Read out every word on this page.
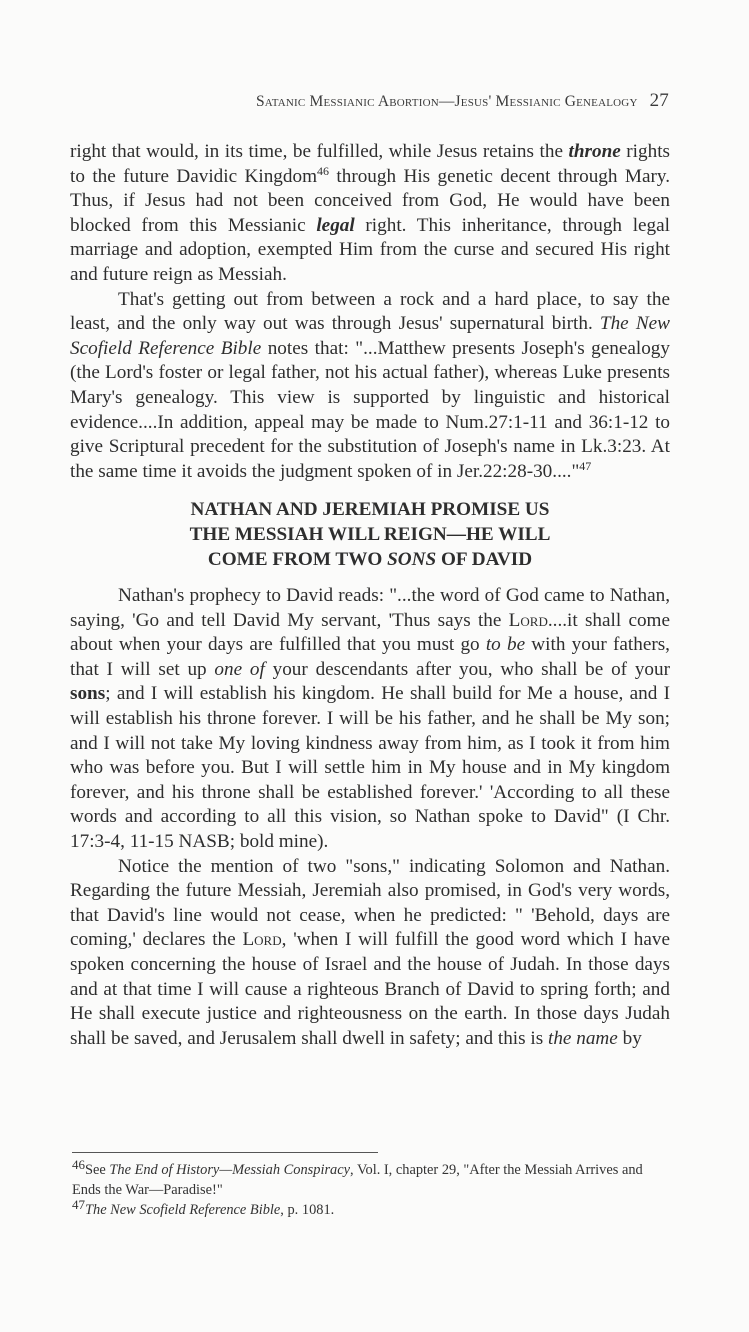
Satanic Messianic Abortion—Jesus' Messianic Genealogy 27

right that would, in its time, be fulfilled, while Jesus retains the throne rights to the future Davidic Kingdom$^{46}$ through His genetic decent through Mary. Thus, if Jesus had not been conceived from God, He would have been blocked from this Messianic legal right. This inheritance, through legal marriage and adoption, exempted Him from the curse and secured His right and future reign as Messiah.

That's getting out from between a rock and a hard place, to say the least, and the only way out was through Jesus' supernatural birth. The New Scofield Reference Bible notes that: "...Matthew presents Joseph's genealogy (the Lord's foster or legal father, not his actual father), whereas Luke presents Mary's genealogy. This view is supported by linguistic and historical evidence....In addition, appeal may be made to Num.27:1-11 and 36:1-12 to give Scriptural precedent for the substitution of Joseph's name in Lk.3:23. At the same time it avoids the judgment spoken of in Jer.22:28-30...."$^{47}$

NATHAN AND JEREMIAH PROMISE US
THE MESSIAH WILL REIGN—HE WILL
COME FROM TWO SONS OF DAVID

Nathan's prophecy to David reads: "...the word of God came to Nathan, saying, 'Go and tell David My servant, 'Thus says the Lord....it shall come about when your days are fulfilled that you must go to be with your fathers, that I will set up one of your descendants after you, who shall be of your sons; and I will establish his kingdom. He shall build for Me a house, and I will establish his throne forever. I will be his father, and he shall be My son; and I will not take My loving kindness away from him, as I took it from him who was before you. But I will settle him in My house and in My kingdom forever, and his throne shall be established forever.' 'According to all these words and according to all this vision, so Nathan spoke to David" (I Chr. 17:3-4, 11-15 NASB; bold mine).

Notice the mention of two "sons," indicating Solomon and Nathan. Regarding the future Messiah, Jeremiah also promised, in God's very words, that David's line would not cease, when he predicted: " 'Behold, days are coming,' declares the Lord, 'when I will fulfill the good word which I have spoken concerning the house of Israel and the house of Judah. In those days and at that time I will cause a righteous Branch of David to spring forth; and He shall execute justice and righteousness on the earth. In those days Judah shall be saved, and Jerusalem shall dwell in safety; and this is the name by

$^{46}$See The End of History—Messiah Conspiracy, Vol. I, chapter 29, "After the Messiah Arrives and Ends the War—Paradise!"

$^{47}$The New Scofield Reference Bible, p. 1081.
